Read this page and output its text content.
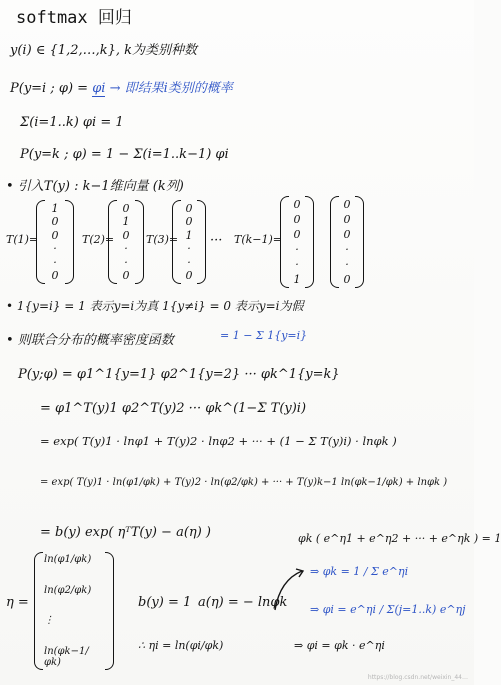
softmax 回归
y(i) ∈ {1,2,…,k}, k为类别种数
P(y=i ; φ) = φi → 即结果i类别的概率
Σ(i=1..k) φi = 1
P(y=k ; φ) = 1 − Σ(i=1..k−1) φi
• 引入T(y) : k−1维向量 (k列)
T(1)=
1
0
0
·
·
0
T(2)=
0
1
0
·
·
0
T(3)=
0
0
1
·
·
0
··· T(k−1)=
0
0
0
·
·
1
0
0
0
·
·
0
• 1{y=i} = 1 表示y=i为真 1{y≠i} = 0 表示y=i为假
• 则联合分布的概率密度函数	= 1 − Σ 1{y=i}
P(y;φ) = φ1^1{y=1} φ2^1{y=2} ··· φk^1{y=k}
= φ1^T(y)1 φ2^T(y)2 ··· φk^(1−Σ T(y)i)
= exp( T(y)1 · lnφ1 + T(y)2 · lnφ2 + ··· + (1 − Σ T(y)i) · lnφk )
= exp( T(y)1 · ln(φ1/φk) + T(y)2 · ln(φ2/φk) + ··· + T(y)k−1 ln(φk−1/φk) + lnφk )
= b(y) exp( ηᵀT(y) − a(η) )	φk ( e^η1 + e^η2 + ··· + e^ηk ) = 1
⇒ φk = 1 / Σ e^ηi
⇒ φi = e^ηi / Σ(j=1..k) e^ηj
η =
ln(φ1/φk)
ln(φ2/φk)
⋮
ln(φk−1/φk)
b(y) = 1 a(η) = − lnφk
∴ ηi = ln(φi/φk)	⇒ φi = φk · e^ηi
https://blog.csdn.net/weixin_44…
